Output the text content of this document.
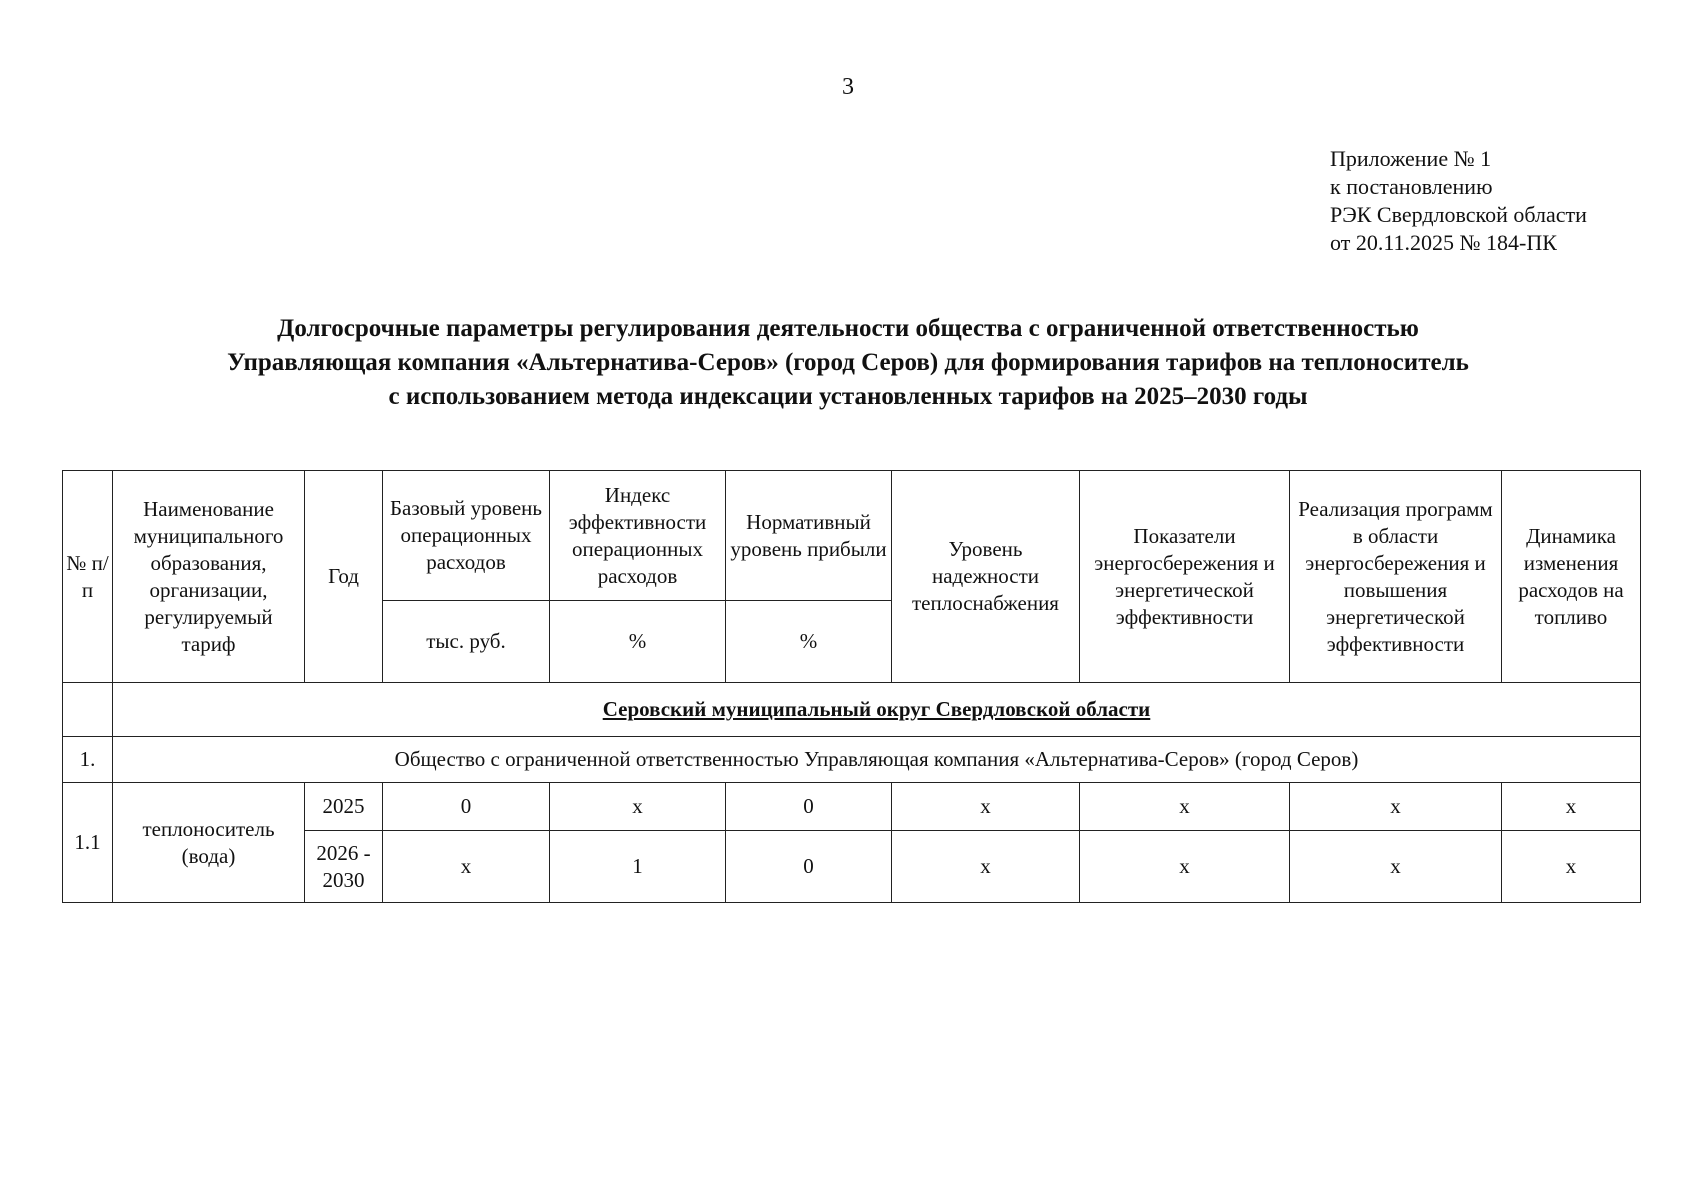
3
Приложение № 1
к постановлению
РЭК Свердловской области
от 20.11.2025 № 184-ПК
Долгосрочные параметры регулирования деятельности общества с ограниченной ответственностью
Управляющая компания «Альтернатива-Серов» (город Серов) для формирования тарифов на теплоноситель
с использованием метода индексации установленных тарифов на 2025–2030 годы
№ п/п	Наименование муниципального образования, организации, регулируемый тариф	Год	Базовый уровень операционных расходов	Индекс эффективности операционных расходов	Нормативный уровень прибыли	Уровень надежности теплоснабжения	Показатели энергосбережения и энергетической эффективности	Реализация программ в области энергосбережения и повышения энергетической эффективности	Динамика изменения расходов на топливо
			тыс. руб.	%	%				
	Серовский муниципальный округ Свердловской области								
1.	Общество с ограниченной ответственностью Управляющая компания «Альтернатива-Серов» (город Серов)								
1.1	теплоноситель (вода)	2025	0	х	0	х	х	х	х
		2026 - 2030	х	1	0	х	х	х	х
